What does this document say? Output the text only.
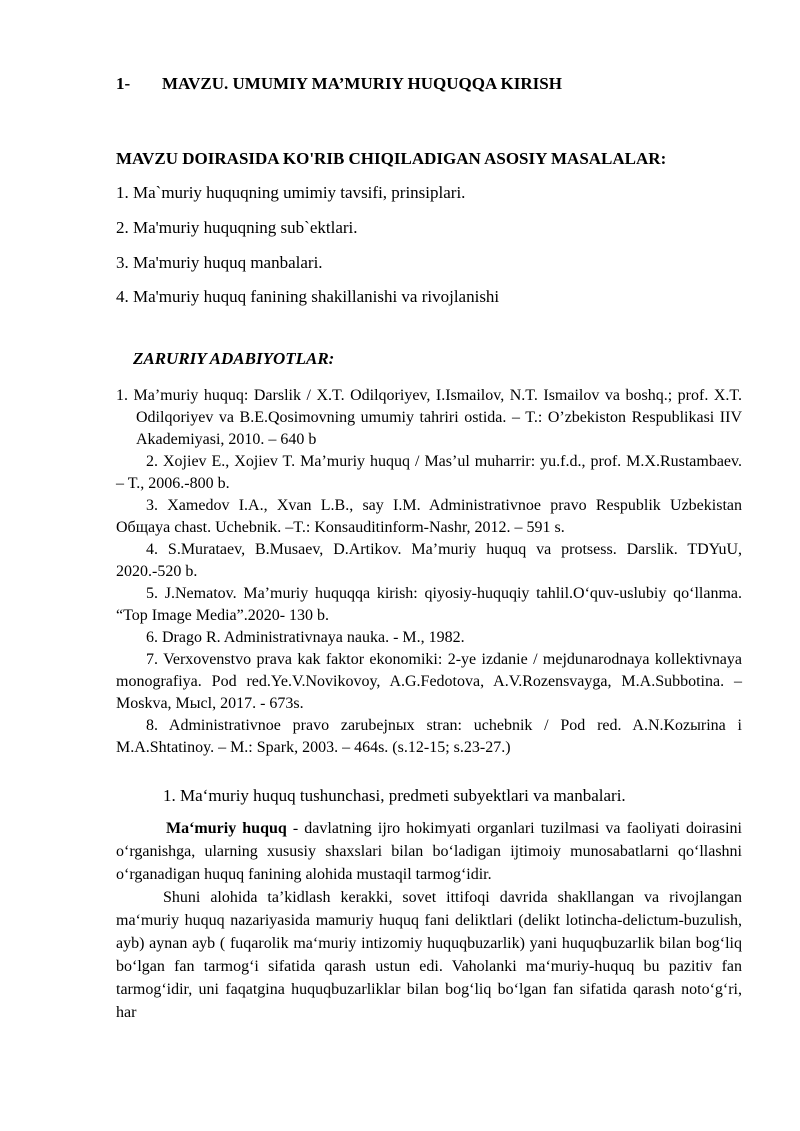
1- MAVZU. UMUMIY MA’MURIY HUQUQQA KIRISH
MAVZU DOIRASIDA KO'RIB CHIQILADIGAN ASOSIY MASALALAR:
1. Ma`muriy huquqning umimiy tavsifi, prinsiplari.
2. Ma'muriy huquqning sub`ektlari.
3. Ma'muriy huquq manbalari.
4. Ma'muriy huquq fanining shakillanishi va rivojlanishi
ZARURIY ADABIYOTLAR:

1. Ma’muriy huquq: Darslik / X.T. Odilqoriyev, I.Ismailov, N.T. Ismailov va boshq.; prof. X.T. Odilqoriyev va B.E.Qosimovning umumiy tahriri ostida. – T.: O’zbekiston Respublikasi IIV Akademiyasi, 2010. – 640 b

2. Xojiev E., Xojiev T. Ma’muriy huquq / Mas’ul muharrir: yu.f.d., prof. M.X.Rustambaev. – T., 2006.-800 b.

3. Xamedov I.A., Xvan L.B., say I.M. Administrativnoe pravo Respublik Uzbekistan Общaya chast. Uchebnik. –T.: Konsauditinform-Nashr, 2012. – 591 s.

4. S.Murataev, B.Musaev, D.Artikov. Ma’muriy huquq va protsess. Darslik. TDYuU, 2020.-520 b.

5. J.Nematov. Ma’muriy huquqqa kirish: qiyosiy-huquqiy tahlil.O‘quv-uslubiy qo‘llanma. “Top Image Media”.2020- 130 b.

6. Drago R. Administrativnaya nauka. - M., 1982.

7. Verxovenstvo prava kak faktor ekonomiki: 2-ye izdanie / mejdunarodnaya kollektivnaya monografiya. Pod red.Ye.V.Novikovoy, A.G.Fedotova, A.V.Rozensvayga, M.A.Subbotina. – Moskva, Mысl, 2017. - 673s.

8. Administrativnoe pravo zarubejnых stran: uchebnik / Pod red. A.N.Kozыrina i M.A.Shtatinoy. – M.: Spark, 2003. – 464s. (s.12-15; s.23-27.)

1. Ma‘muriy huquq tushunchasi, predmeti subyektlari va manbalari.

Ma‘muriy huquq - davlatning ijro hokimyati organlari tuzilmasi va faoliyati doirasini o‘rganishga, ularning xususiy shaxslari bilan bo‘ladigan ijtimoiy munosabatlarni qo‘llashni o‘rganadigan huquq fanining alohida mustaqil tarmog‘idir.

Shuni alohida ta’kidlash kerakki, sovet ittifoqi davrida shakllangan va rivojlangan ma‘muriy huquq nazariyasida mamuriy huquq fani deliktlari (delikt lotincha-delictum-buzulish, ayb) aynan ayb ( fuqarolik ma‘muriy intizomiy huquqbuzarlik) yani huquqbuzarlik bilan bog‘liq bo‘lgan fan tarmog‘i sifatida qarash ustun edi. Vaholanki ma‘muriy-huquq bu pazitiv fan tarmog‘idir, uni faqatgina huquqbuzarliklar bilan bog‘liq bo‘lgan fan sifatida qarash noto‘g‘ri, har
